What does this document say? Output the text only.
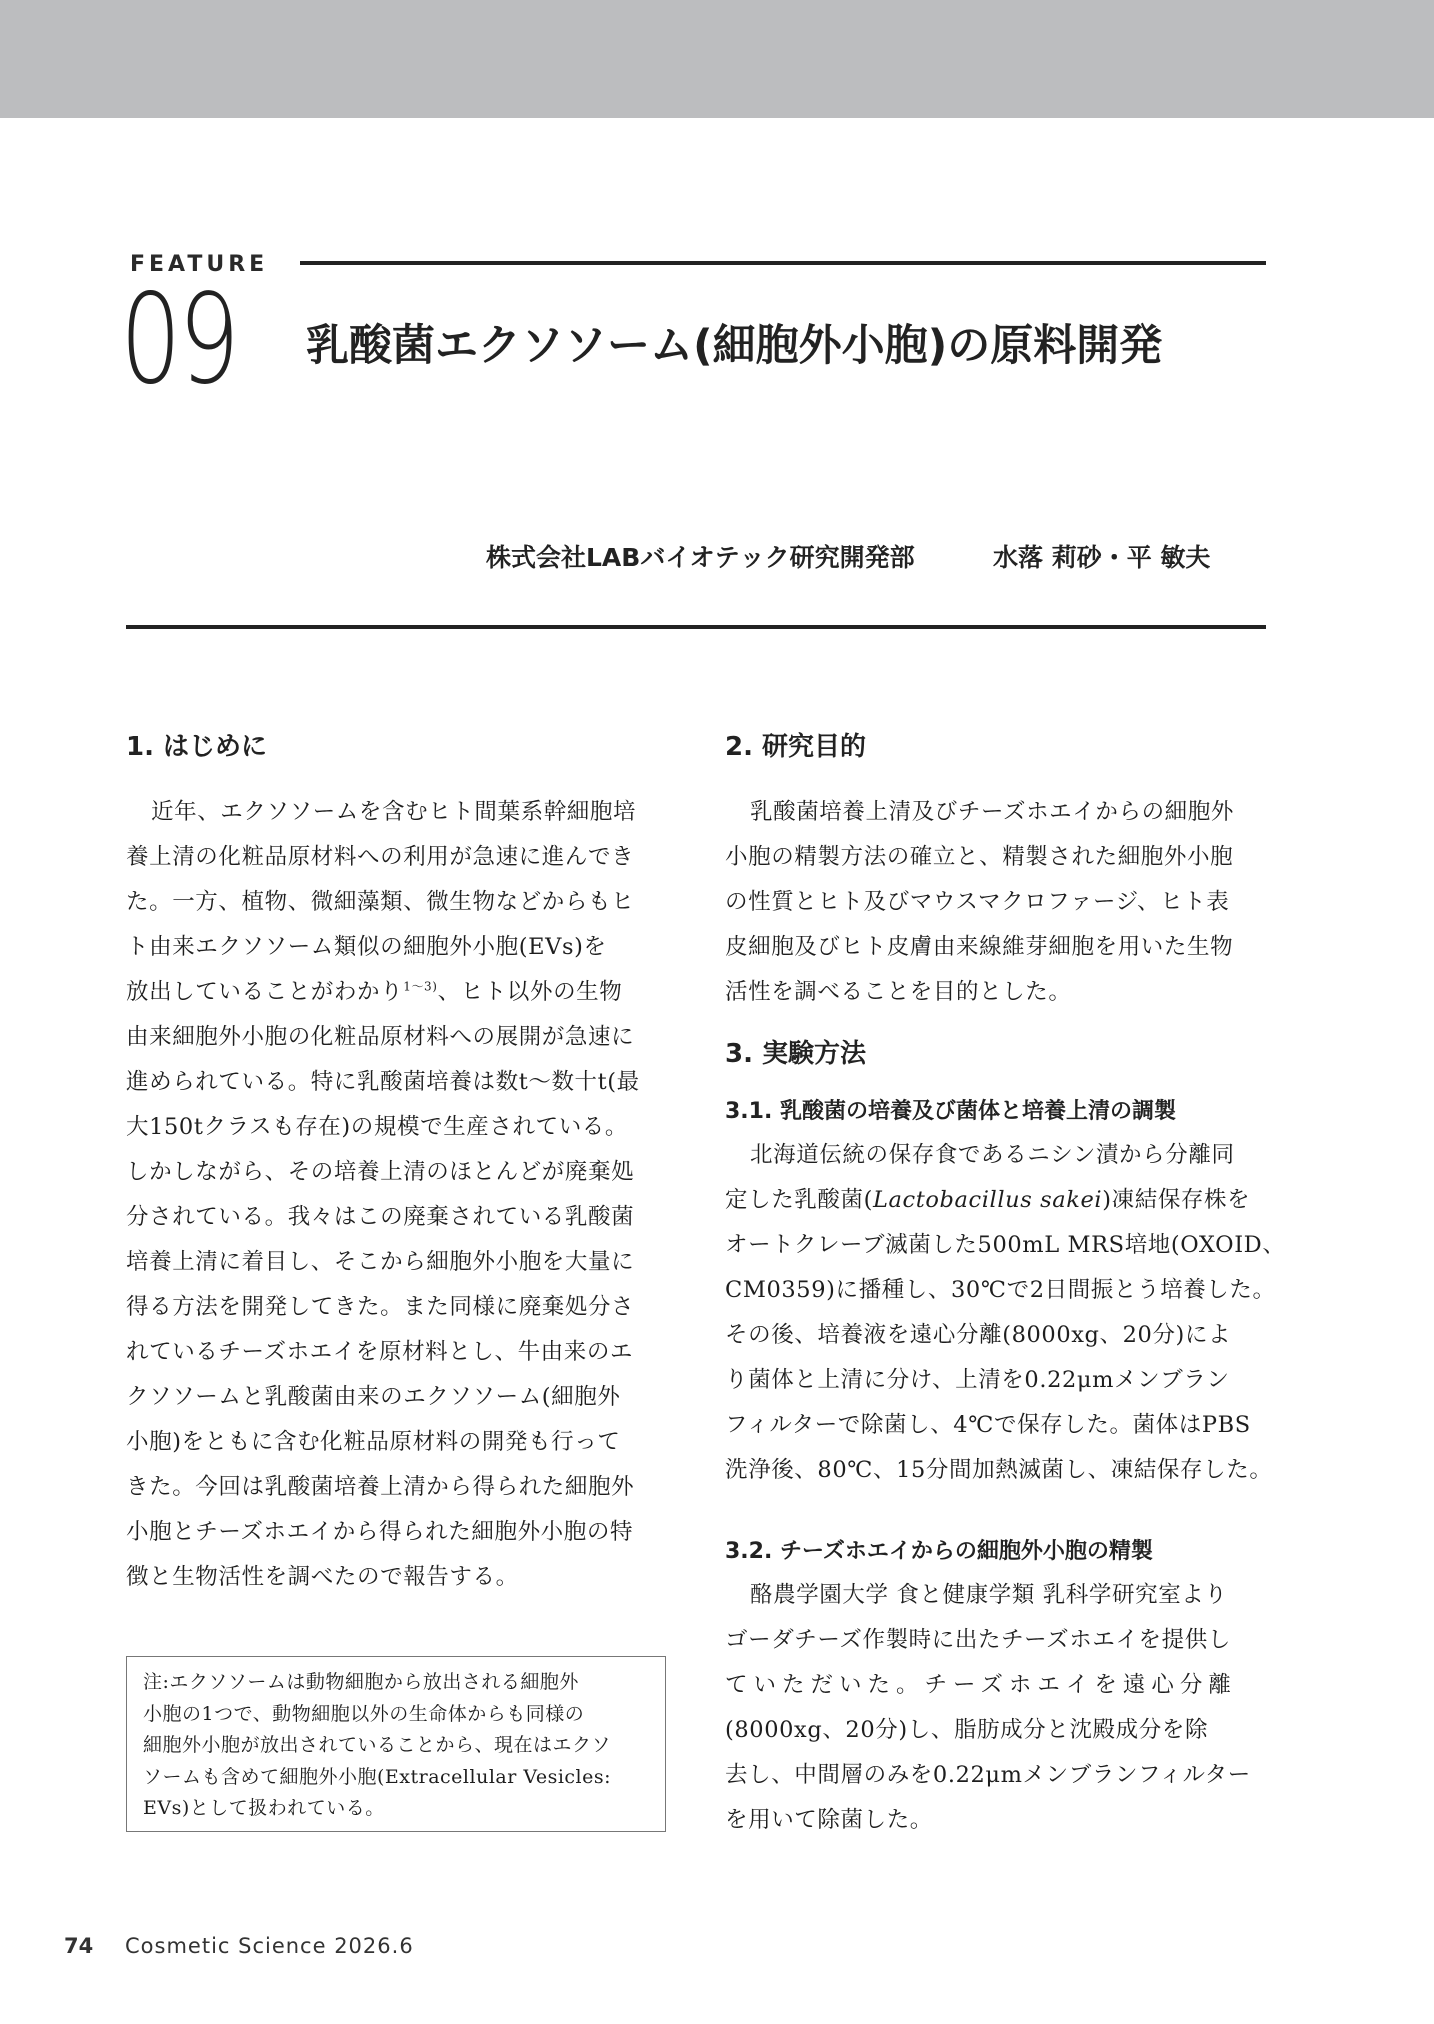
FEATURE
09 乳酸菌エクソソーム(細胞外小胞)の原料開発
株式会社LABバイオテック研究開発部	水落 莉砂・平 敏夫
1. はじめに
近年、エクソソームを含むヒト間葉系幹細胞培
養上清の化粧品原材料への利用が急速に進んでき
た。一方、植物、微細藻類、微生物などからもヒ
ト由来エクソソーム類似の細胞外小胞(EVs)を
放出していることがわかり$^{1〜3)}$、ヒト以外の生物
由来細胞外小胞の化粧品原材料への展開が急速に
進められている。特に乳酸菌培養は数t〜数十t(最
大150tクラスも存在)の規模で生産されている。
しかしながら、その培養上清のほとんどが廃棄処
分されている。我々はこの廃棄されている乳酸菌
培養上清に着目し、そこから細胞外小胞を大量に
得る方法を開発してきた。また同様に廃棄処分さ
れているチーズホエイを原材料とし、牛由来のエ
クソソームと乳酸菌由来のエクソソーム(細胞外
小胞)をともに含む化粧品原材料の開発も行って
きた。今回は乳酸菌培養上清から得られた細胞外
小胞とチーズホエイから得られた細胞外小胞の特
徴と生物活性を調べたので報告する。
注:エクソソームは動物細胞から放出される細胞外
小胞の1つで、動物細胞以外の生命体からも同様の
細胞外小胞が放出されていることから、現在はエクソ
ソームも含めて細胞外小胞(Extracellular Vesicles:
EVs)として扱われている。
2. 研究目的
乳酸菌培養上清及びチーズホエイからの細胞外
小胞の精製方法の確立と、精製された細胞外小胞
の性質とヒト及びマウスマクロファージ、ヒト表
皮細胞及びヒト皮膚由来線維芽細胞を用いた生物
活性を調べることを目的とした。
3. 実験方法
3.1. 乳酸菌の培養及び菌体と培養上清の調製
北海道伝統の保存食であるニシン漬から分離同
定した乳酸菌(Lactobacillus sakei)凍結保存株を
オートクレーブ滅菌した500mL MRS培地(OXOID、
CM0359)に播種し、30℃で2日間振とう培養した。
その後、培養液を遠心分離(8000xg、20分)によ
り菌体と上清に分け、上清を0.22μmメンブラン
フィルターで除菌し、4℃で保存した。菌体はPBS
洗浄後、80℃、15分間加熱滅菌し、凍結保存した。
3.2. チーズホエイからの細胞外小胞の精製
酪農学園大学 食と健康学類 乳科学研究室より
ゴーダチーズ作製時に出たチーズホエイを提供し
ていただいた。チーズホエイを遠心分離
(8000xg、20分)し、脂肪成分と沈殿成分を除
去し、中間層のみを0.22μmメンブランフィルター
を用いて除菌した。
74 Cosmetic Science 2026.6
